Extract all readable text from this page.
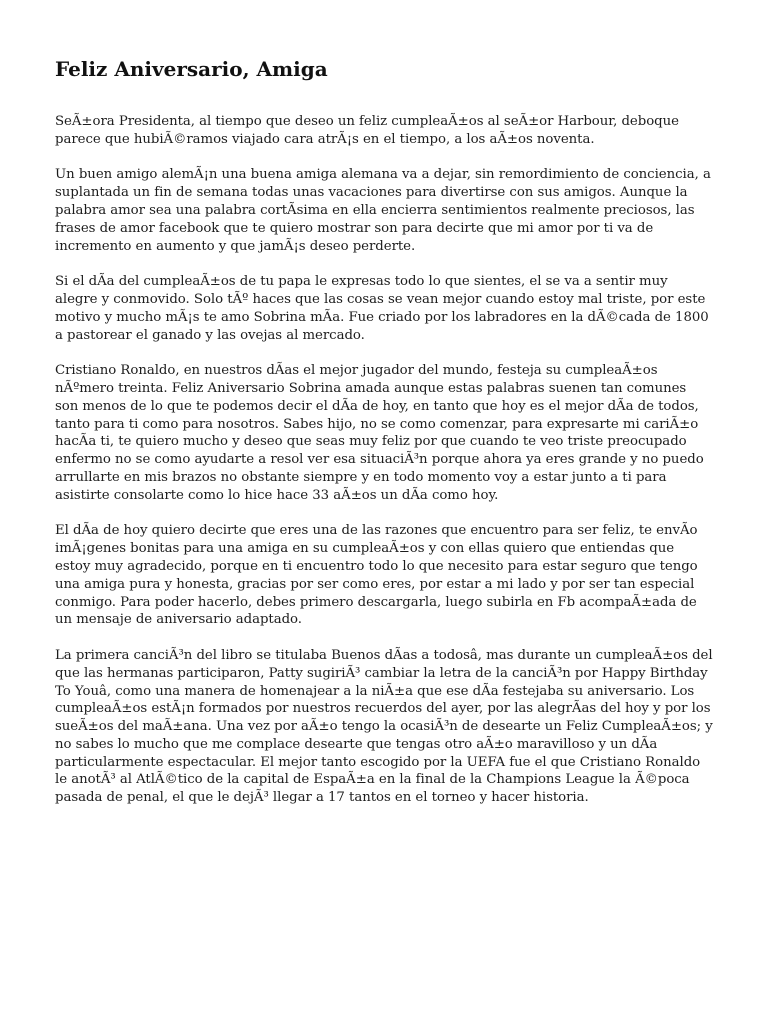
Feliz Aniversario, Amiga

SeÃ±ora Presidenta, al tiempo que deseo un feliz cumpleaÃ±os al seÃ±or Harbour, deboque parece que hubiÃ©ramos viajado cara atrÃ¡s en el tiempo, a los aÃ±os noventa.

Un buen amigo alemÃ¡n una buena amiga alemana va a dejar, sin remordimiento de conciencia, a suplantada un fin de semana todas unas vacaciones para divertirse con sus amigos. Aunque la palabra amor sea una palabra cortÃsima en ella encierra sentimientos realmente preciosos, las frases de amor facebook que te quiero mostrar son para decirte que mi amor por ti va de incremento en aumento y que jamÃ¡s deseo perderte.

Si el dÃa del cumpleaÃ±os de tu papa le expresas todo lo que sientes, el se va a sentir muy alegre y conmovido. Solo tÃº haces que las cosas se vean mejor cuando estoy mal triste, por este motivo y mucho mÃ¡s te amo Sobrina mÃa. Fue criado por los labradores en la dÃ©cada de 1800 a pastorear el ganado y las ovejas al mercado.

Cristiano Ronaldo, en nuestros dÃas el mejor jugador del mundo, festeja su cumpleaÃ±os nÃºmero treinta. Feliz Aniversario Sobrina amada aunque estas palabras suenen tan comunes son menos de lo que te podemos decir el dÃa de hoy, en tanto que hoy es el mejor dÃa de todos, tanto para ti como para nosotros. Sabes hijo, no se como comenzar, para expresarte mi cariÃ±o hacÃa ti, te quiero mucho y deseo que seas muy feliz por que cuando te veo triste preocupado enfermo no se como ayudarte a resol ver esa situaciÃ³n porque ahora ya eres grande y no puedo arrullarte en mis brazos no obstante siempre y en todo momento voy a estar junto a ti para asistirte consolarte como lo hice hace 33 aÃ±os un dÃa como hoy.

El dÃa de hoy quiero decirte que eres una de las razones que encuentro para ser feliz, te envÃo imÃ¡genes bonitas para una amiga en su cumpleaÃ±os y con ellas quiero que entiendas que estoy muy agradecido, porque en ti encuentro todo lo que necesito para estar seguro que tengo una amiga pura y honesta, gracias por ser como eres, por estar a mi lado y por ser tan especial conmigo. Para poder hacerlo, debes primero descargarla, luego subirla en Fb acompaÃ±ada de un mensaje de aniversario adaptado.

La primera canciÃ³n del libro se titulaba Buenos dÃas a todosâ, mas durante un cumpleaÃ±os del que las hermanas participaron, Patty sugiriÃ³ cambiar la letra de la canciÃ³n por Happy Birthday To Youâ, como una manera de homenajear a la niÃ±a que ese dÃa festejaba su aniversario. Los cumpleaÃ±os estÃ¡n formados por nuestros recuerdos del ayer, por las alegrÃas del hoy y por los sueÃ±os del maÃ±ana. Una vez por aÃ±o tengo la ocasiÃ³n de desearte un Feliz CumpleaÃ±os; y no sabes lo mucho que me complace desearte que tengas otro aÃ±o maravilloso y un dÃa particularmente espectacular. El mejor tanto escogido por la UEFA fue el que Cristiano Ronaldo le anotÃ³ al AtlÃ©tico de la capital de EspaÃ±a en la final de la Champions League la Ã©poca pasada de penal, el que le dejÃ³ llegar a 17 tantos en el torneo y hacer historia.
